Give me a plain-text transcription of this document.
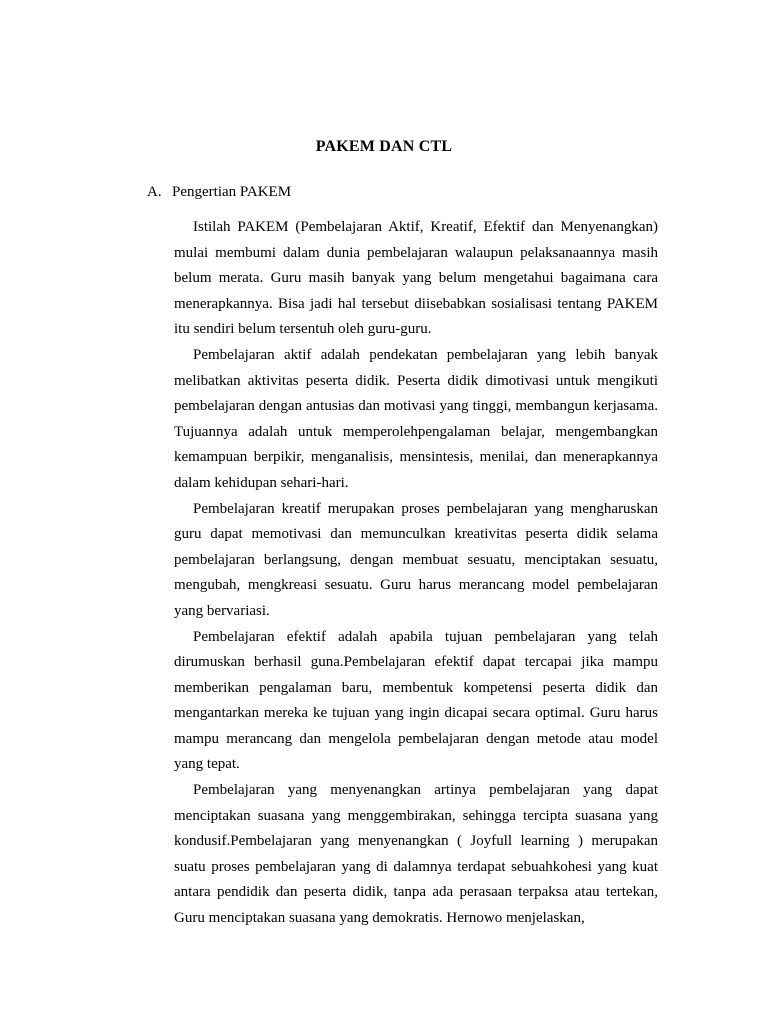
PAKEM DAN CTL
A. Pengertian PAKEM

Istilah PAKEM (Pembelajaran Aktif, Kreatif, Efektif dan Menyenangkan) mulai membumi dalam dunia pembelajaran walaupun pelaksanaannya masih belum merata. Guru masih banyak yang belum mengetahui bagaimana cara menerapkannya. Bisa jadi hal tersebut diisebabkan sosialisasi tentang PAKEM itu sendiri belum tersentuh oleh guru-guru.

Pembelajaran aktif adalah pendekatan pembelajaran yang lebih banyak melibatkan aktivitas peserta didik. Peserta didik dimotivasi untuk mengikuti pembelajaran dengan antusias dan motivasi yang tinggi, membangun kerjasama. Tujuannya adalah untuk memperolehpengalaman belajar, mengembangkan kemampuan berpikir, menganalisis, mensintesis, menilai, dan menerapkannya dalam kehidupan sehari-hari.

Pembelajaran kreatif merupakan proses pembelajaran yang mengharuskan guru dapat memotivasi dan memunculkan kreativitas peserta didik selama pembelajaran berlangsung, dengan membuat sesuatu, menciptakan sesuatu, mengubah, mengkreasi sesuatu. Guru harus merancang model pembelajaran yang bervariasi.

Pembelajaran efektif adalah apabila tujuan pembelajaran yang telah dirumuskan berhasil guna.Pembelajaran efektif dapat tercapai jika mampu memberikan pengalaman baru, membentuk kompetensi peserta didik dan mengantarkan mereka ke tujuan yang ingin dicapai secara optimal. Guru harus mampu merancang dan mengelola pembelajaran dengan metode atau model yang tepat.

Pembelajaran yang menyenangkan artinya pembelajaran yang dapat menciptakan suasana yang menggembirakan, sehingga tercipta suasana yang kondusif.Pembelajaran yang menyenangkan ( Joyfull learning ) merupakan suatu proses pembelajaran yang di dalamnya terdapat sebuahkohesi yang kuat antara pendidik dan peserta didik, tanpa ada perasaan terpaksa atau tertekan, Guru menciptakan suasana yang demokratis. Hernowo menjelaskan,
